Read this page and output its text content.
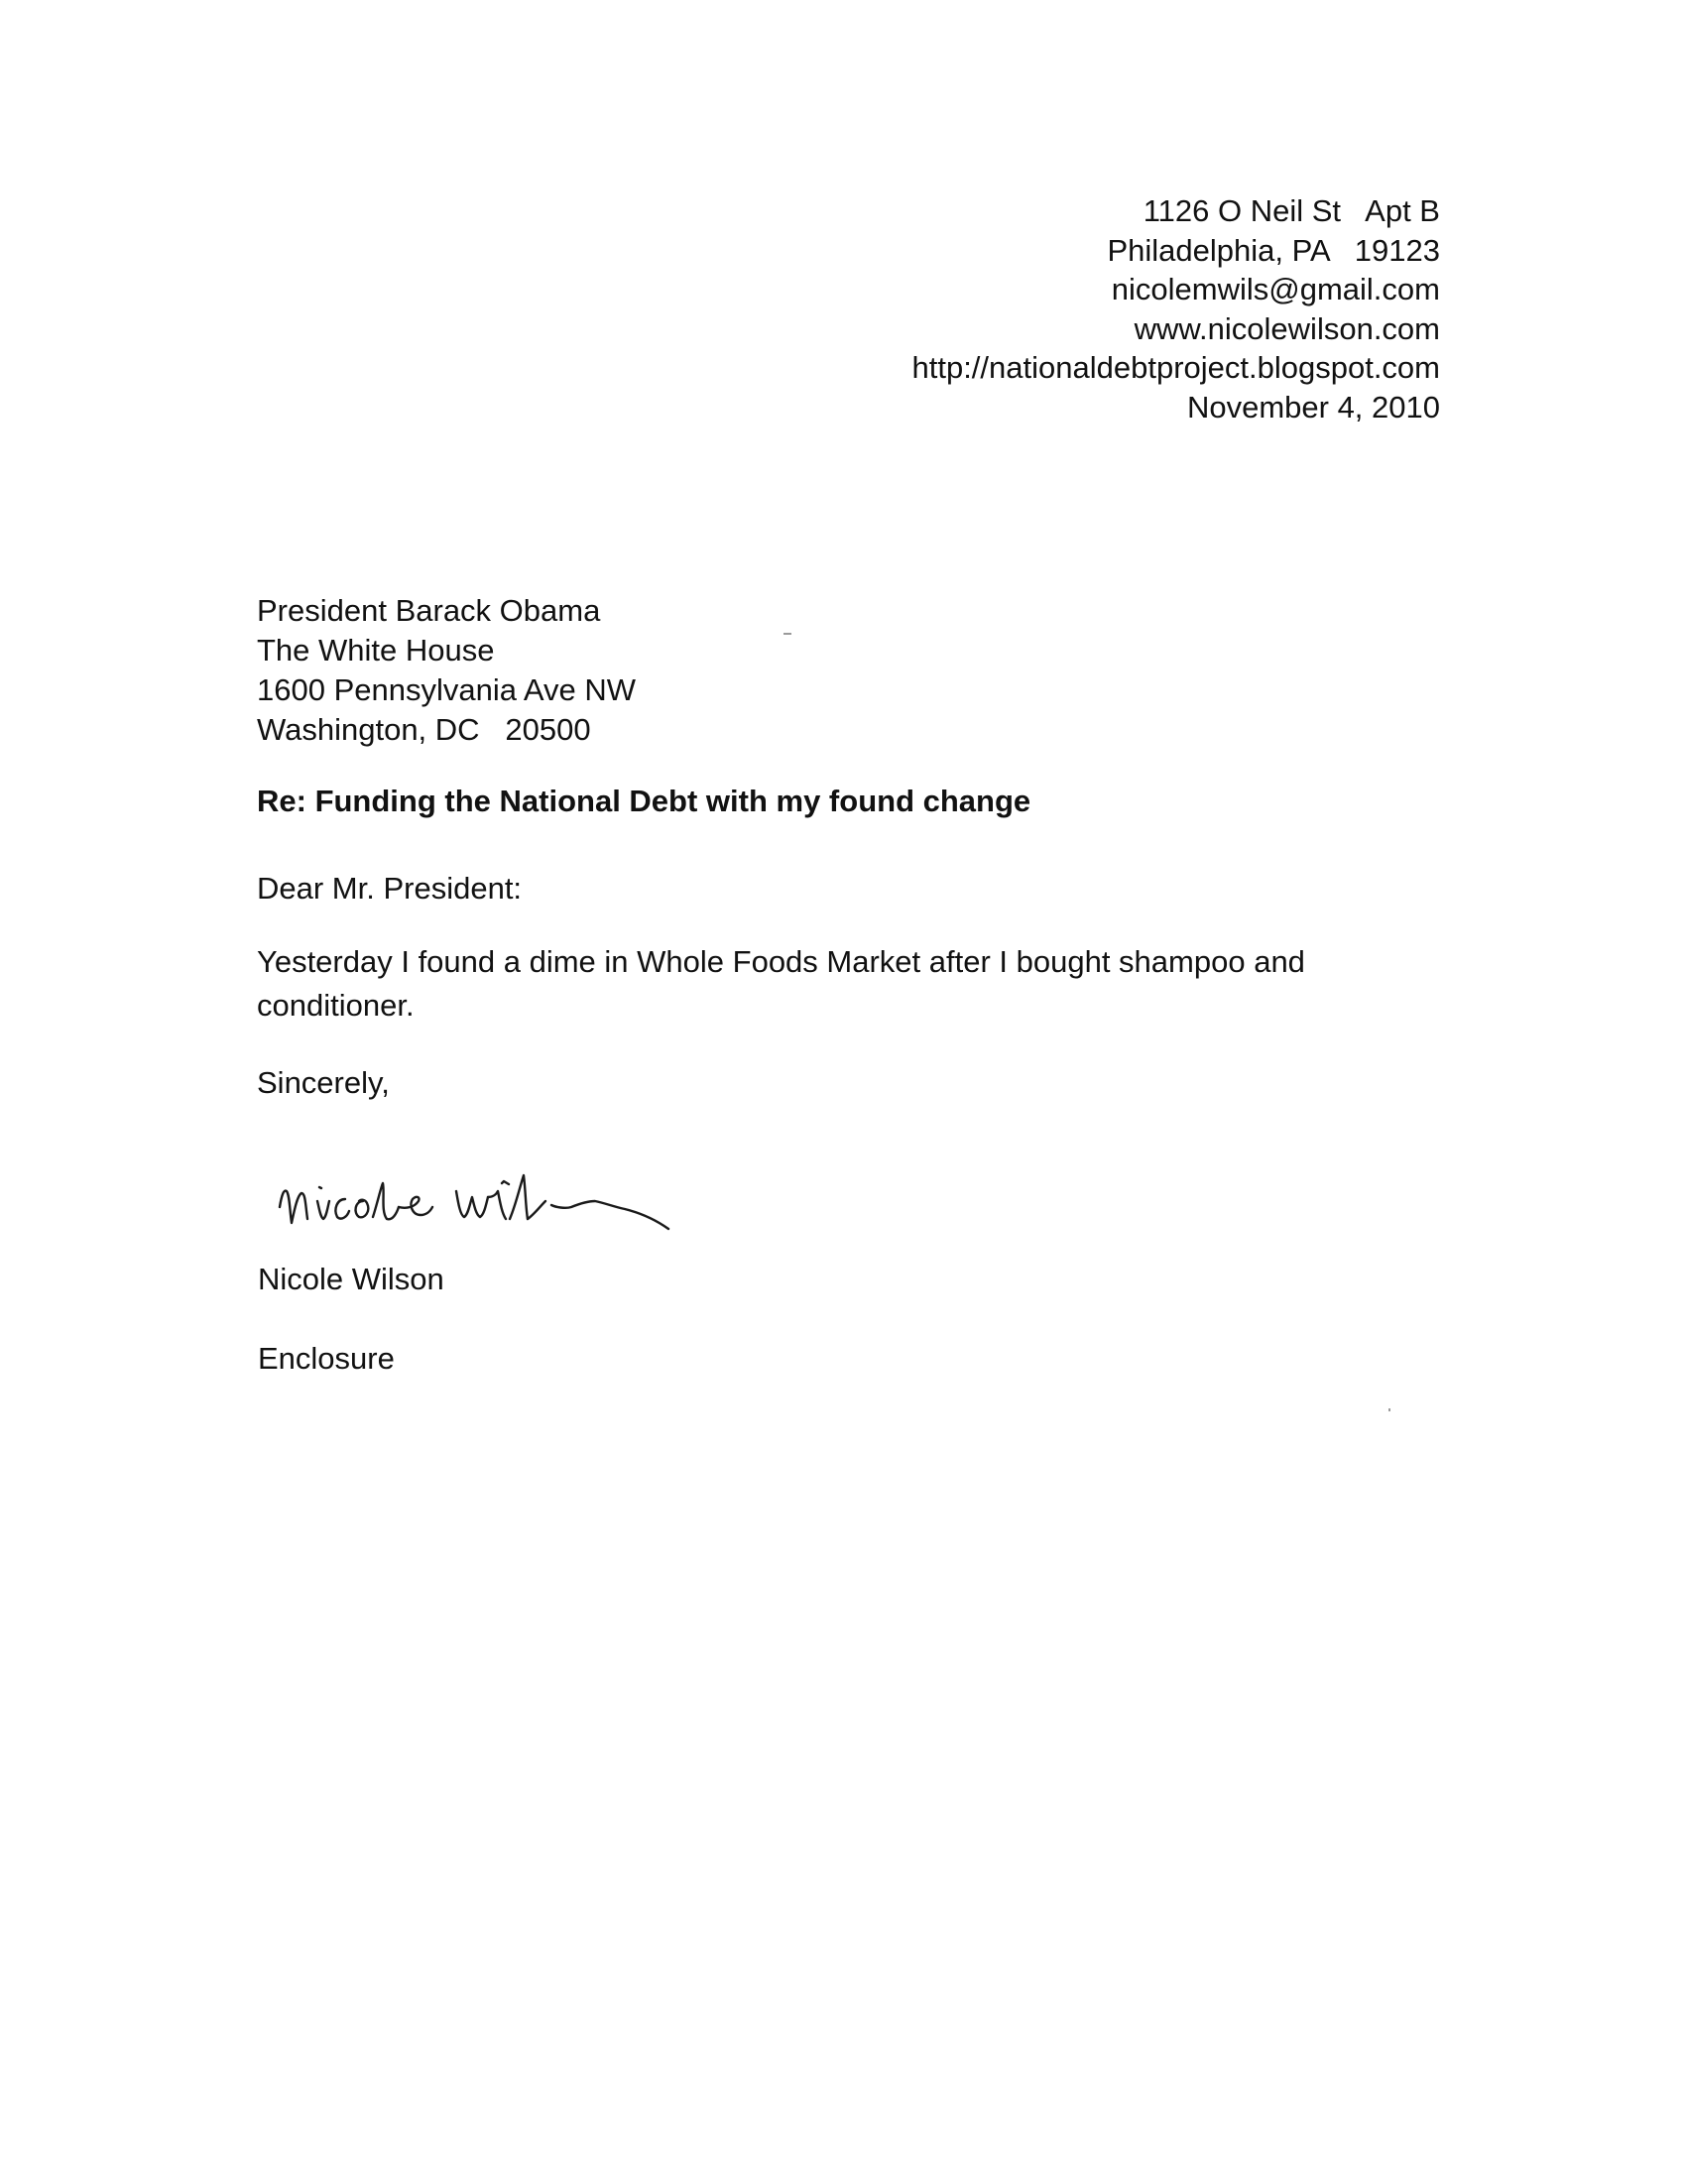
1126 O Neil St   Apt B
Philadelphia, PA   19123
nicolemwils@gmail.com
www.nicolewilson.com
http://nationaldebtproject.blogspot.com
November 4, 2010
President Barack Obama
The White House
1600 Pennsylvania Ave NW
Washington, DC   20500
Re: Funding the National Debt with my found change
Dear Mr. President:
Yesterday I found a dime in Whole Foods Market after I bought shampoo and conditioner.
Sincerely,
Nicole Wilson
Enclosure
